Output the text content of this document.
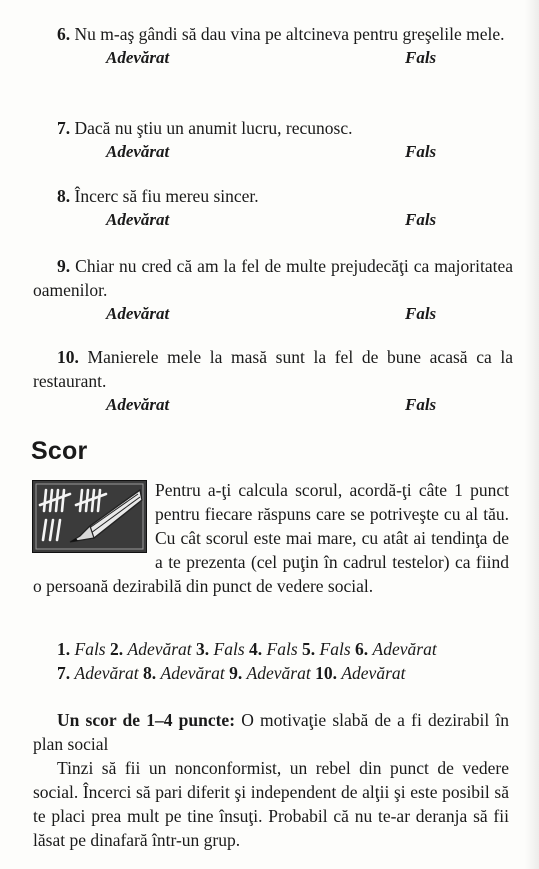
6. Nu m-aş gândi să dau vina pe altcineva pentru greşelile mele.

Adevărat	Fals

7. Dacă nu ştiu un anumit lucru, recunosc.

Adevărat	Fals

8. Încerc să fiu mereu sincer.

Adevărat	Fals

9. Chiar nu cred că am la fel de multe prejudecăţi ca majoritatea oamenilor.

Adevărat	Fals

10. Manierele mele la masă sunt la fel de bune acasă ca la restaurant.

Adevărat	Fals
Scor

Pentru a-ţi calcula scorul, acordă-ţi câte 1 punct pentru fiecare răspuns care se potriveşte cu al tău. Cu cât scorul este mai mare, cu atât ai tendinţa de a te prezenta (cel puţin în cadrul testelor) ca fiind o persoană dezirabilă din punct de vedere social.

1. Fals 2. Adevărat 3. Fals 4. Fals 5. Fals 6. Adevărat
7. Adevărat 8. Adevărat 9. Adevărat 10. Adevărat

Un scor de 1–4 puncte: O motivaţie slabă de a fi dezirabil în plan social

Tinzi să fii un nonconformist, un rebel din punct de vedere social. Încerci să pari diferit şi independent de alţii şi este posibil să te placi prea mult pe tine însuţi. Probabil că nu te-ar deranja să fii lăsat pe dinafară într-un grup.
